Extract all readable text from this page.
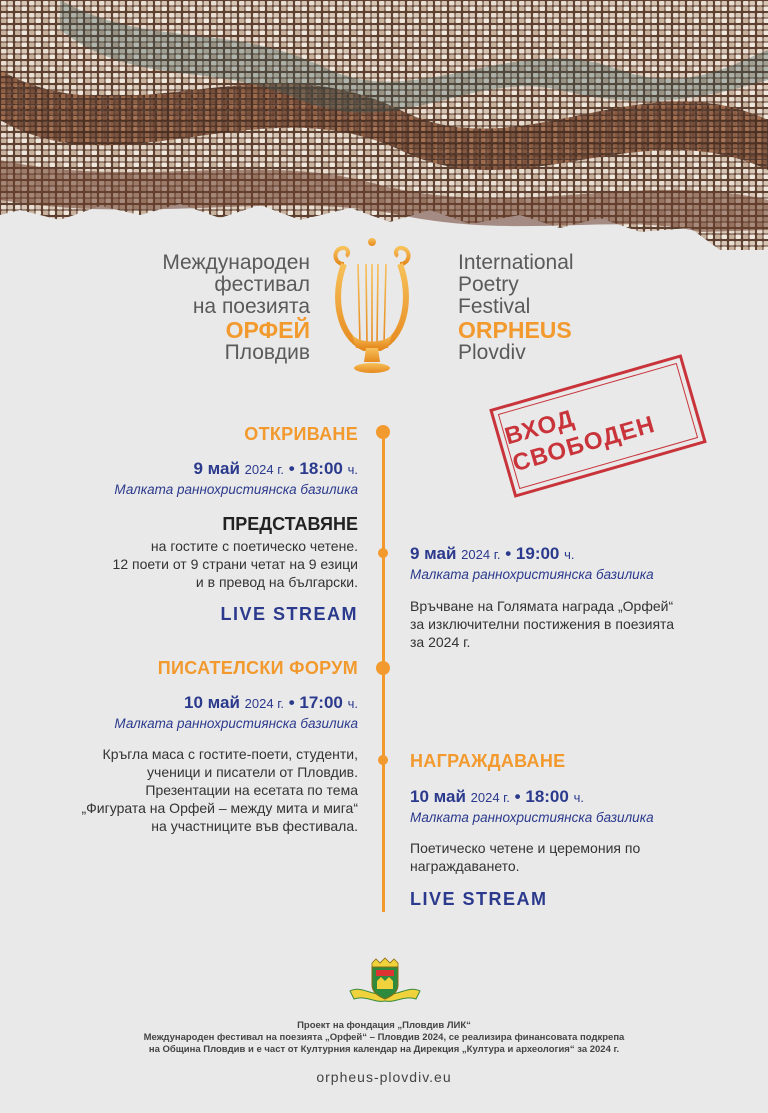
Международен
фестивал
на поезията
ОРФЕЙ
Пловдив
International
Poetry
Festival
ORPHEUS
Plovdiv
ВХОД СВОБОДЕН
ОТКРИВАНЕ
9 май 2024 г. • 18:00 ч.
Малката раннохристиянска базилика
ПРЕДСТАВЯНЕ
на гостите с поетическо четене.
12 поети от 9 страни четат на 9 езици
и в превод на български.
LIVE STREAM
9 май 2024 г. • 19:00 ч.
Малката раннохристиянска базилика
Връчване на Голямата награда „Орфей“
за изключителни постижения в поезията
за 2024 г.
ПИСАТЕЛСКИ ФОРУМ
10 май 2024 г. • 17:00 ч.
Малката раннохристиянска базилика
Кръгла маса с гостите-поети, студенти,
ученици и писатели от Пловдив.
Презентации на есетата по тема
„Фигурата на Орфей – между мита и мига“
на участниците във фестивала.
НАГРАЖДАВАНЕ
10 май 2024 г. • 18:00 ч.
Малката раннохристиянска базилика
Поетическо четене и церемония по
награждаването.
LIVE STREAM
Проект на фондация „Пловдив ЛИК“
Международен фестивал на поезията „Орфей“ – Пловдив 2024, се реализира финансовата подкрепа
на Община Пловдив и е част от Културния календар на Дирекция „Култура и археология“ за 2024 г.
orpheus-plovdiv.eu
